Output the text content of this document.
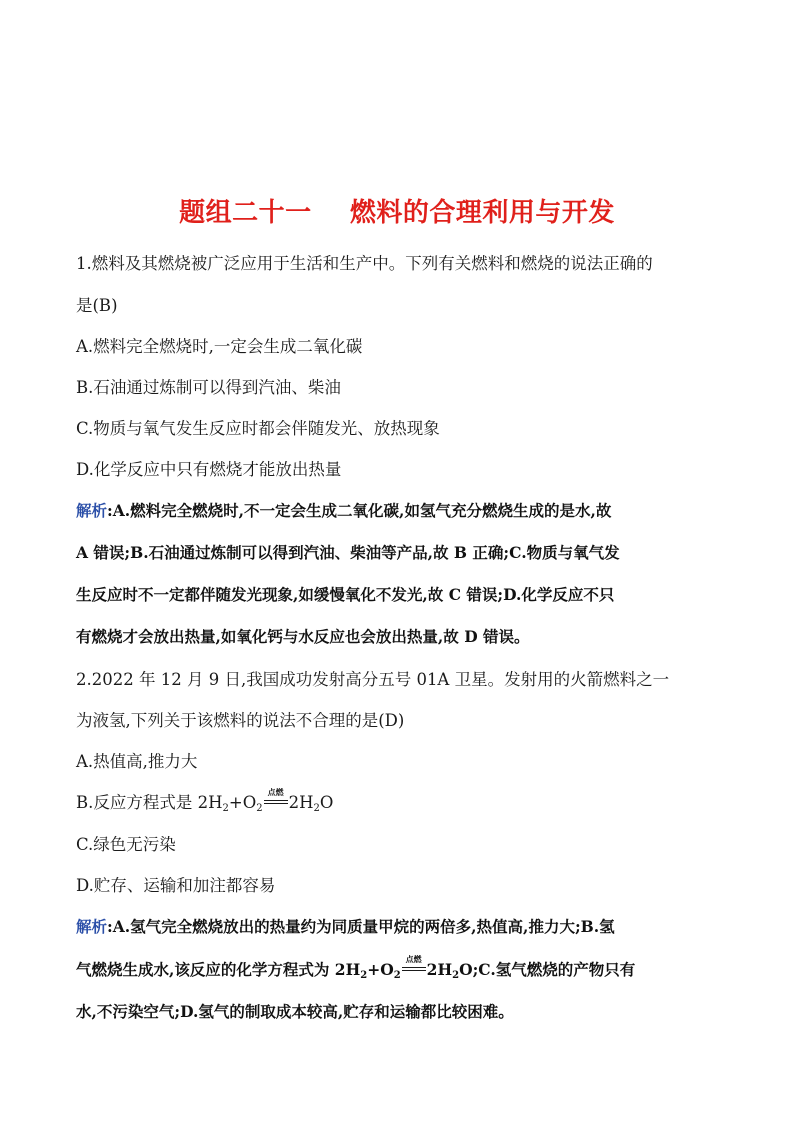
题组二十一    燃料的合理利用与开发
1.燃料及其燃烧被广泛应用于生活和生产中。下列有关燃料和燃烧的说法正确的
是(B)
A.燃料完全燃烧时,一定会生成二氧化碳
B.石油通过炼制可以得到汽油、柴油
C.物质与氧气发生反应时都会伴随发光、放热现象
D.化学反应中只有燃烧才能放出热量
解析:A.燃料完全燃烧时,不一定会生成二氧化碳,如氢气充分燃烧生成的是水,故
A 错误;B.石油通过炼制可以得到汽油、柴油等产品,故 B 正确;C.物质与氧气发
生反应时不一定都伴随发光现象,如缓慢氧化不发光,故 C 错误;D.化学反应不只
有燃烧才会放出热量,如氧化钙与水反应也会放出热量,故 D 错误。
2.2022 年 12 月 9 日,我国成功发射高分五号 01A 卫星。发射用的火箭燃料之一
为液氢,下列关于该燃料的说法不合理的是(D)
A.热值高,推力大
B.反应方程式是 $2H_2+O_2$
点燃
$2H_2O$
C.绿色无污染
D.贮存、运输和加注都容易
解析:A.氢气完全燃烧放出的热量约为同质量甲烷的两倍多,热值高,推力大;B.氢
气燃烧生成水,该反应的化学方程式为 $2H_2+O_2$
点燃
$2H_2O;C$.氢气燃烧的产物只有
水,不污染空气;D.氢气的制取成本较高,贮存和运输都比较困难。
